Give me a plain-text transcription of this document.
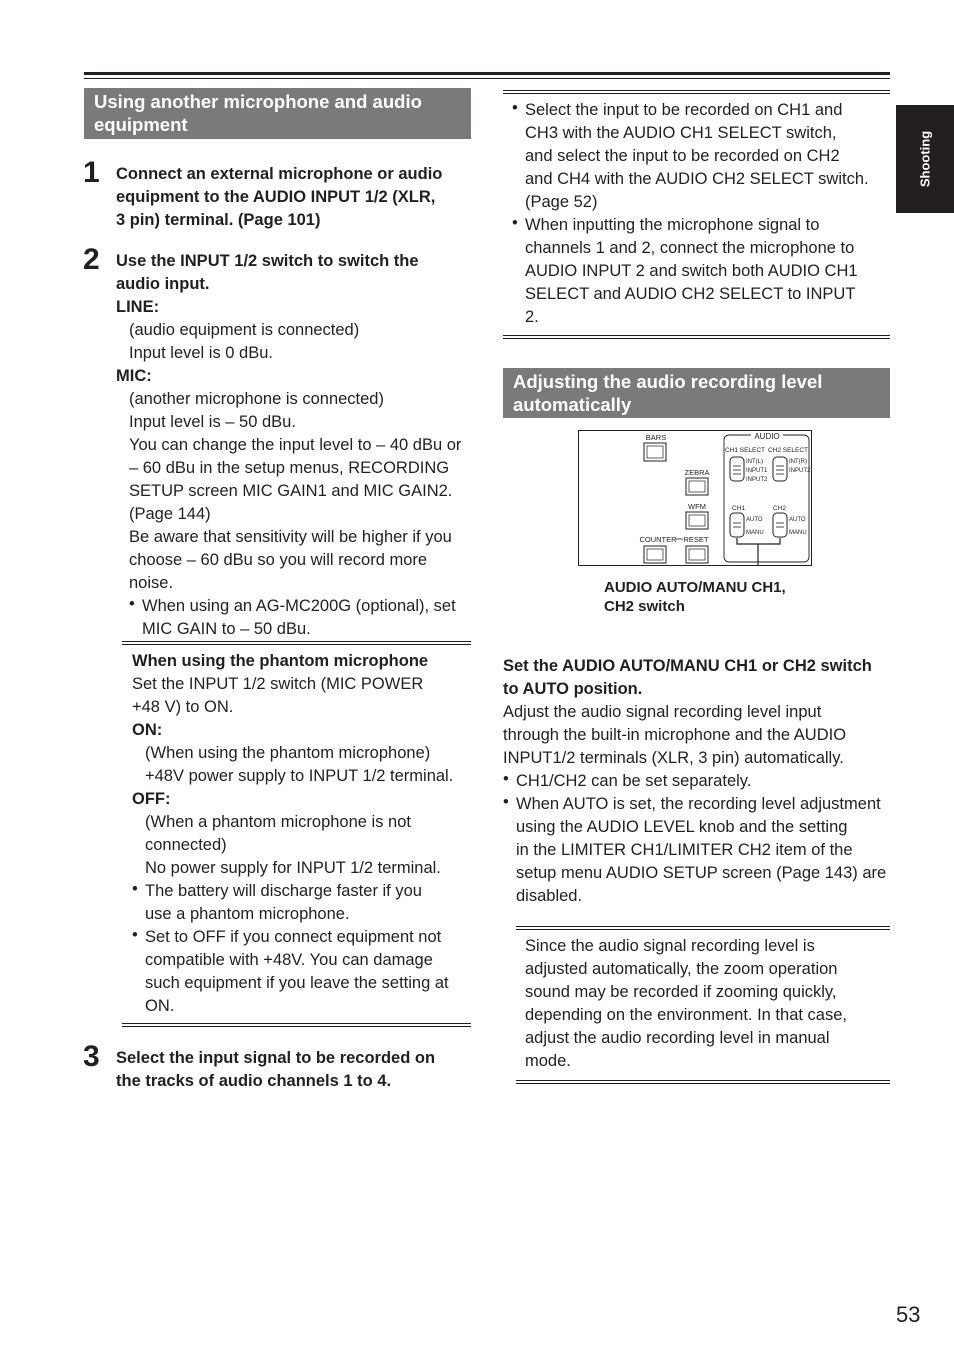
Shooting
Using another microphone and audio
equipment
1 Connect an external microphone or audio
equipment to the AUDIO INPUT 1/2 (XLR,
3 pin) terminal. (Page 101)
2 Use the INPUT 1/2 switch to switch the
audio input.
LINE:
(audio equipment is connected)
Input level is 0 dBu.
MIC:
(another microphone is connected)
Input level is – 50 dBu.
You can change the input level to – 40 dBu or
– 60 dBu in the setup menus, RECORDING
SETUP screen MIC GAIN1 and MIC GAIN2.
(Page 144)
Be aware that sensitivity will be higher if you
choose – 60 dBu so you will record more
noise.
• When using an AG-MC200G (optional), set
MIC GAIN to – 50 dBu.
When using the phantom microphone
Set the INPUT 1/2 switch (MIC POWER
+48 V) to ON.
ON:
(When using the phantom microphone)
+48V power supply to INPUT 1/2 terminal.
OFF:
(When a phantom microphone is not
connected)
No power supply for INPUT 1/2 terminal.
• The battery will discharge faster if you
use a phantom microphone.
• Set to OFF if you connect equipment not
compatible with +48V. You can damage
such equipment if you leave the setting at
ON.
3 Select the input signal to be recorded on
the tracks of audio channels 1 to 4.
• Select the input to be recorded on CH1 and
CH3 with the AUDIO CH1 SELECT switch,
and select the input to be recorded on CH2
and CH4 with the AUDIO CH2 SELECT switch.
(Page 52)
• When inputting the microphone signal to
channels 1 and 2, connect the microphone to
AUDIO INPUT 2 and switch both AUDIO CH1
SELECT and AUDIO CH2 SELECT to INPUT
2.
Adjusting the audio recording level
automatically
BARS
ZEBRA
WFM
COUNTER RESET
AUDIO
CH1 SELECT CH2 SELECT
INT(L)
INPUT1
INPUT2
INT(R)
INPUT2
CH1	CH2
AUTO
MANU
AUTO
MANU
AUDIO AUTO/MANU CH1,
CH2 switch
Set the AUDIO AUTO/MANU CH1 or CH2 switch
to AUTO position.
Adjust the audio signal recording level input
through the built-in microphone and the AUDIO
INPUT1/2 terminals (XLR, 3 pin) automatically.
• CH1/CH2 can be set separately.
• When AUTO is set, the recording level adjustment
using the AUDIO LEVEL knob and the setting
in the LIMITER CH1/LIMITER CH2 item of the
setup menu AUDIO SETUP screen (Page 143) are
disabled.
Since the audio signal recording level is
adjusted automatically, the zoom operation
sound may be recorded if zooming quickly,
depending on the environment. In that case,
adjust the audio recording level in manual
mode.
53
